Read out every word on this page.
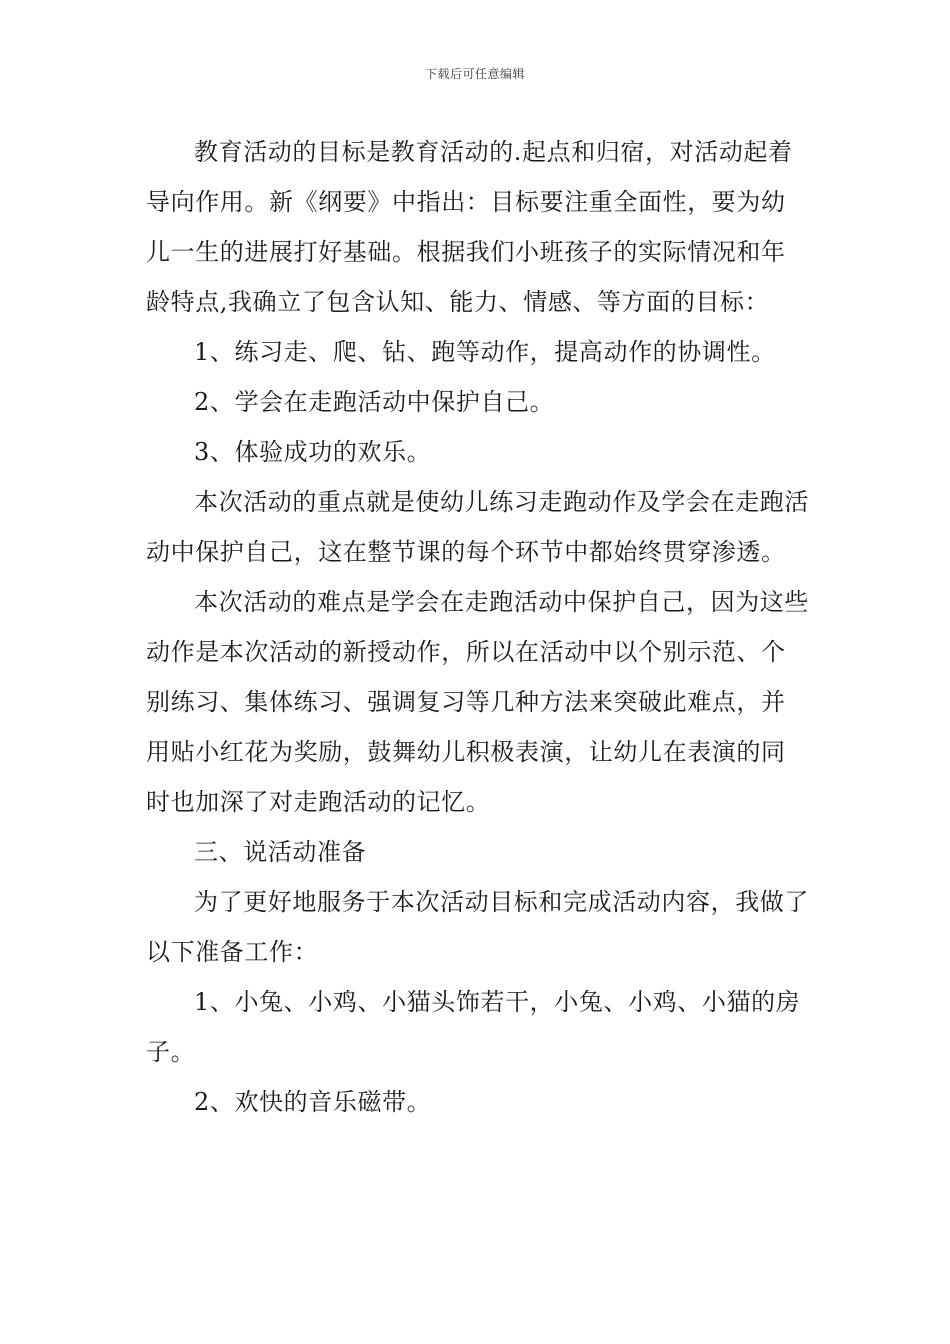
下载后可任意编辑

教育活动的目标是教育活动的.起点和归宿，对活动起着导向作用。新《纲要》中指出：目标要注重全面性，要为幼儿一生的进展打好基础。根据我们小班孩子的实际情况和年龄特点,我确立了包含认知、能力、情感、等方面的目标：

1、练习走、爬、钻、跑等动作，提高动作的协调性。

2、学会在走跑活动中保护自己。

3、体验成功的欢乐。

本次活动的重点就是使幼儿练习走跑动作及学会在走跑活动中保护自己，这在整节课的每个环节中都始终贯穿渗透。

本次活动的难点是学会在走跑活动中保护自己，因为这些动作是本次活动的新授动作，所以在活动中以个别示范、个别练习、集体练习、强调复习等几种方法来突破此难点，并用贴小红花为奖励，鼓舞幼儿积极表演，让幼儿在表演的同时也加深了对走跑活动的记忆。

三、说活动准备

为了更好地服务于本次活动目标和完成活动内容，我做了以下准备工作：

1、小兔、小鸡、小猫头饰若干，小兔、小鸡、小猫的房子。

2、欢快的音乐磁带。
